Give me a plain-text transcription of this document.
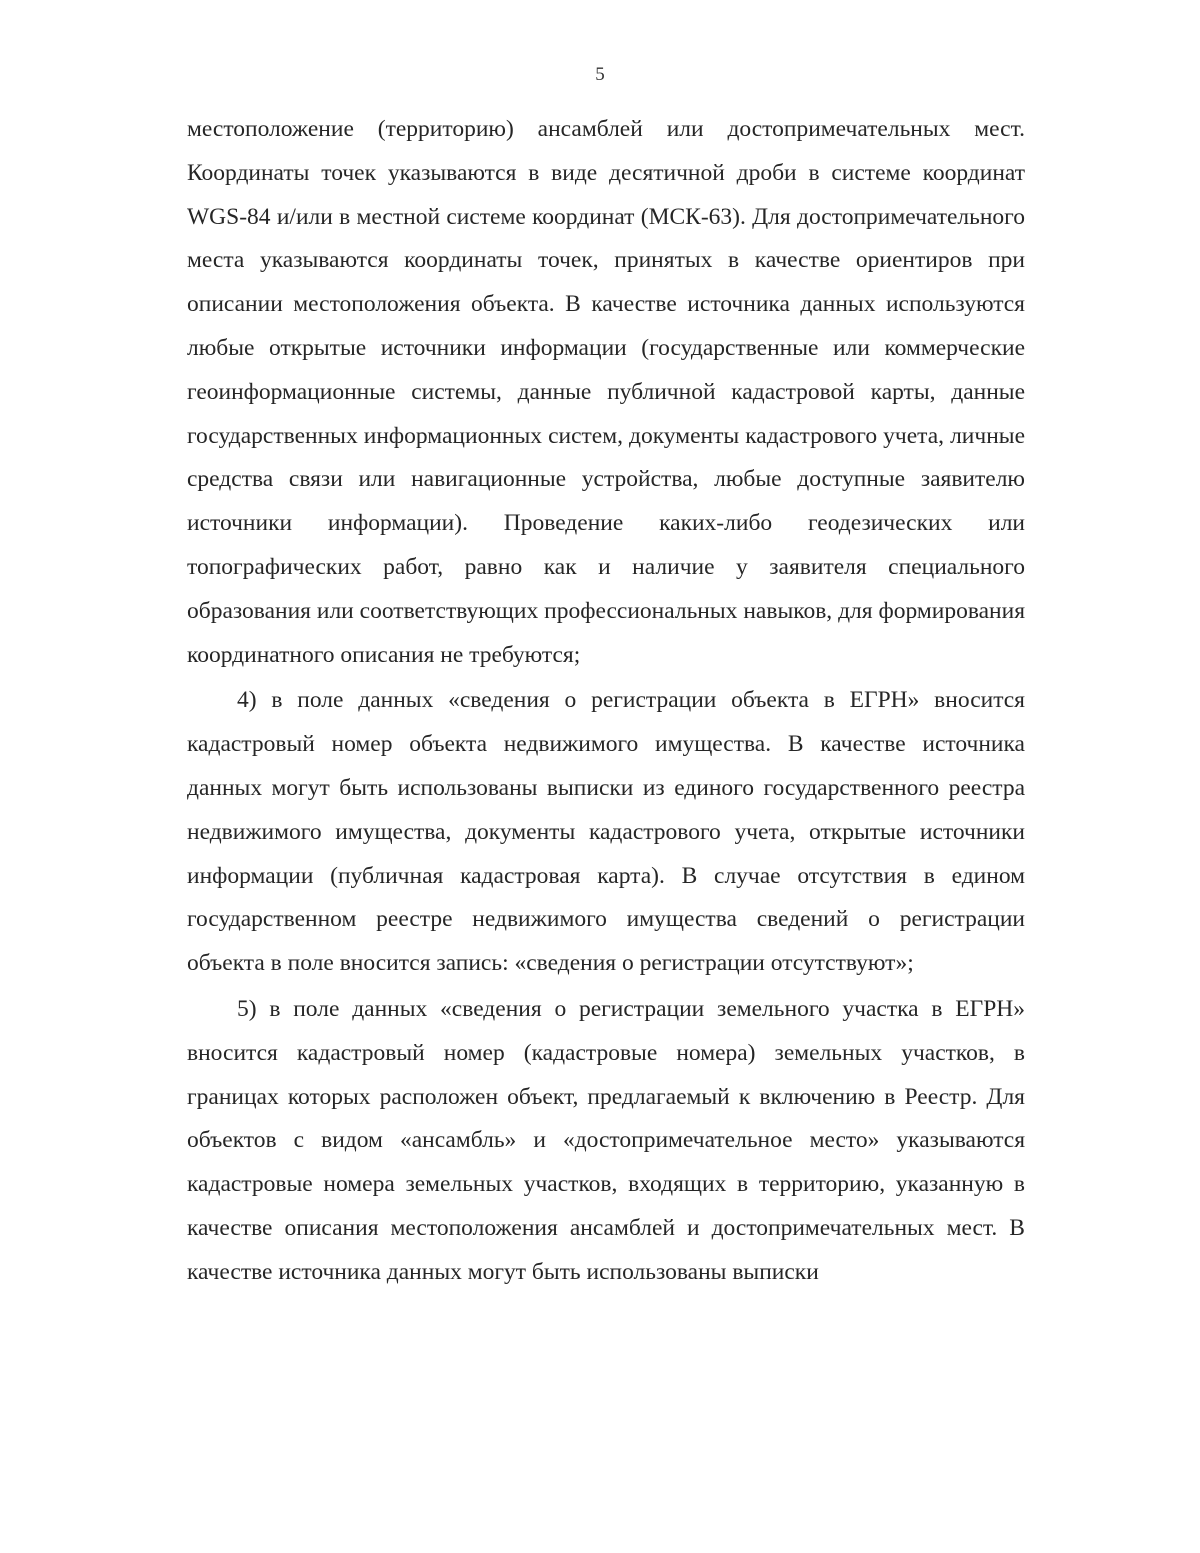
5

местоположение (территорию) ансамблей или достопримечательных мест. Координаты точек указываются в виде десятичной дроби в системе координат WGS-84 и/или в местной системе координат (МСК-63). Для достопримечательного места указываются координаты точек, принятых в качестве ориентиров при описании местоположения объекта. В качестве источника данных используются любые открытые источники информации (государственные или коммерческие геоинформационные системы, данные публичной кадастровой карты, данные государственных информационных систем, документы кадастрового учета, личные средства связи или навигационные устройства, любые доступные заявителю источники информации). Проведение каких-либо геодезических или топографических работ, равно как и наличие у заявителя специального образования или соответствующих профессиональных навыков, для формирования координатного описания не требуются;

4) в поле данных «сведения о регистрации объекта в ЕГРН» вносится кадастровый номер объекта недвижимого имущества. В качестве источника данных могут быть использованы выписки из единого государственного реестра недвижимого имущества, документы кадастрового учета, открытые источники информации (публичная кадастровая карта). В случае отсутствия в едином государственном реестре недвижимого имущества сведений о регистрации объекта в поле вносится запись: «сведения о регистрации отсутствуют»;

5) в поле данных «сведения о регистрации земельного участка в ЕГРН» вносится кадастровый номер (кадастровые номера) земельных участков, в границах которых расположен объект, предлагаемый к включению в Реестр. Для объектов с видом «ансамбль» и «достопримечательное место» указываются кадастровые номера земельных участков, входящих в территорию, указанную в качестве описания местоположения ансамблей и достопримечательных мест. В качестве источника данных могут быть использованы выписки
